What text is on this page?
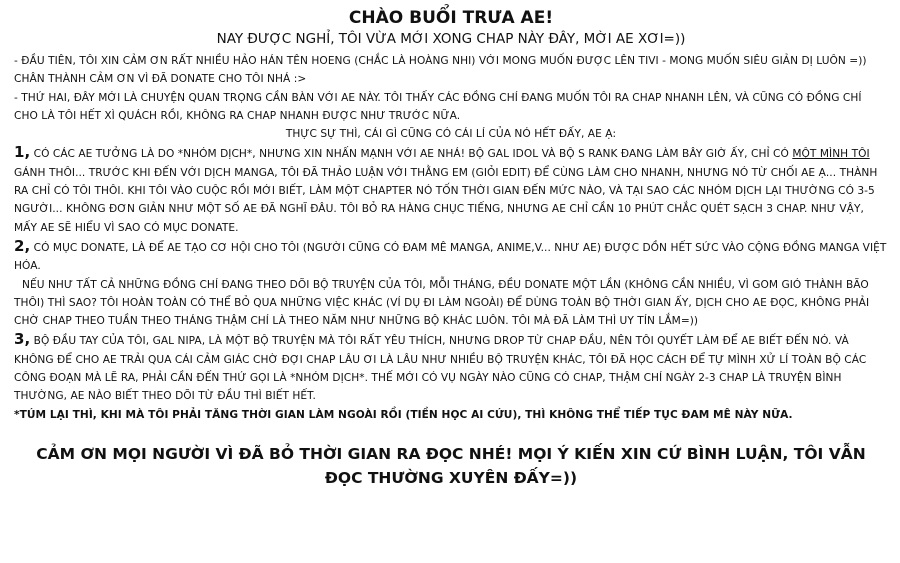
CHÀO BUỔI TRƯA AE!

NAY ĐƯỢC NGHỈ, TÔI VỪA MỚI XONG CHAP NÀY ĐÂY, MỜI AE XƠI=))

- ĐẦU TIÊN, TÔI XIN CẢM ƠN RẤT NHIỀU HẢO HÁN TÊN HOENG (CHẮC LÀ HOÀNG NHI) VỚI MONG MUỐN ĐƯỢC LÊN TIVI - MONG MUỐN SIÊU GIẢN DỊ LUÔN =)) CHÂN THÀNH CẢM ƠN VÌ ĐÃ DONATE CHO TÔI NHÁ :>

- THỨ HAI, ĐÂY MỚI LÀ CHUYỆN QUAN TRỌNG CẦN BÀN VỚI AE NÀY. TÔI THẤY CÁC ĐỒNG CHÍ ĐANG MUỐN TÔI RA CHAP NHANH LÊN, VÀ CŨNG CÓ ĐỒNG CHÍ CHO LÀ TÔI HẾT XÌ QUÁCH RỒI, KHÔNG RA CHAP NHANH ĐƯỢC NHƯ TRƯỚC NỮA.

THỰC SỰ THÌ, CÁI GÌ CŨNG CÓ CÁI LÍ CỦA NÓ HẾT ĐẤY, AE Ạ:

1, CÓ CÁC AE TƯỞNG LÀ DO *NHÓM DỊCH*, NHƯNG XIN NHẤN MẠNH VỚI AE NHÁ! BỘ GAL IDOL VÀ BỘ S RANK ĐANG LÀM BÂY GIỜ ẤY, CHỈ CÓ MỘT MÌNH TÔI GÁNH THÔI... TRƯỚC KHI ĐẾN VỚI DỊCH MANGA, TÔI ĐÃ THẢO LUẬN VỚI THẰNG EM (GIỎI EDIT) ĐỂ CÙNG LÀM CHO NHANH, NHƯNG NÓ TỪ CHỐI AE Ạ... THÀNH RA CHỈ CÓ TÔI THÔI. KHI TÔI VÀO CUỘC RỒI MỚI BIẾT, LÀM MỘT CHAPTER NÓ TỐN THỜI GIAN ĐẾN MỨC NÀO, VÀ TẠI SAO CÁC NHÓM DỊCH LẠI THƯỜNG CÓ 3-5 NGƯỜI... KHÔNG ĐƠN GIẢN NHƯ MỘT SỐ AE ĐÃ NGHĨ ĐÂU. TÔI BỎ RA HÀNG CHỤC TIẾNG, NHƯNG AE CHỈ CẦN 10 PHÚT CHẮC QUÉT SẠCH 3 CHAP. NHƯ VẬY, MẤY AE SẼ HIỂU VÌ SAO CÓ MỤC DONATE.

2, CÓ MỤC DONATE, LÀ ĐỂ AE TẠO CƠ HỘI CHO TÔI (NGƯỜI CŨNG CÓ ĐAM MÊ MANGA, ANIME,V... NHƯ AE) ĐƯỢC DỒN HẾT SỨC VÀO CỘNG ĐỒNG MANGA VIỆT HÓA.

NẾU NHƯ TẤT CẢ NHỮNG ĐỒNG CHÍ ĐANG THEO DÕI BỘ TRUYỆN CỦA TÔI, MỖI THÁNG, ĐỀU DONATE MỘT LẦN (KHÔNG CẦN NHIỀU, VÌ GOM GIÓ THÀNH BÃO THÔI) THÌ SAO? TÔI HOÀN TOÀN CÓ THỂ BỎ QUA NHỮNG VIỆC KHÁC (VÍ DỤ ĐI LÀM NGOÀI) ĐỂ DÙNG TOÀN BỘ THỜI GIAN ẤY, DỊCH CHO AE ĐỌC, KHÔNG PHẢI CHỜ CHAP THEO TUẦN THEO THÁNG THẬM CHÍ LÀ THEO NĂM NHƯ NHỮNG BỘ KHÁC LUÔN. TÔI MÀ ĐÃ LÀM THÌ UY TÍN LẮM=))

3, BỘ ĐẦU TAY CỦA TÔI, GAL NIPA, LÀ MỘT BỘ TRUYỆN MÀ TÔI RẤT YÊU THÍCH, NHƯNG DROP TỪ CHAP ĐẦU, NÊN TÔI QUYẾT LÀM ĐỂ AE BIẾT ĐẾN NÓ. VÀ KHÔNG ĐỂ CHO AE TRẢI QUA CÁI CẢM GIÁC CHỜ ĐỢI CHAP LÂU ƠI LÀ LÂU NHƯ NHIỀU BỘ TRUYỆN KHÁC, TÔI ĐÃ HỌC CÁCH ĐỂ TỰ MÌNH XỬ LÍ TOÀN BỘ CÁC CÔNG ĐOẠN MÀ LẼ RA, PHẢI CẦN ĐẾN THỨ GỌI LÀ *NHÓM DỊCH*. THẾ MỚI CÓ VỤ NGÀY NÀO CŨNG CÓ CHAP, THẬM CHÍ NGÀY 2-3 CHAP LÀ TRUYỆN BÌNH THƯỜNG, AE NÀO BIẾT THEO DÕI TỪ ĐẦU THÌ BIẾT HẾT.

*TÚM LẠI THÌ, KHI MÀ TÔI PHẢI TĂNG THỜI GIAN LÀM NGOÀI RỒI (TIỀN HỌC AI CỨU), THÌ KHÔNG THỂ TIẾP TỤC ĐAM MÊ NÀY NỮA.

CẢM ƠN MỌI NGƯỜI VÌ ĐÃ BỎ THỜI GIAN RA ĐỌC NHÉ! MỌI Ý KIẾN XIN CỨ BÌNH LUẬN, TÔI VẪN ĐỌC THƯỜNG XUYÊN ĐẤY=))
